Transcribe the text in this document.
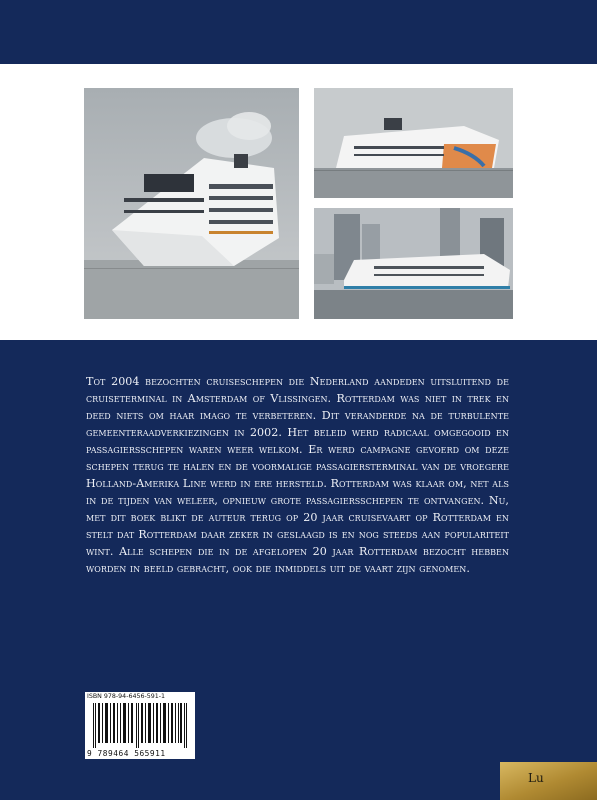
Tot 2004 bezochten cruiseschepen die Nederland aandeden uitsluitend de cruiseterminal in Amsterdam of Vlissingen. Rotterdam was niet in trek en deed niets om haar imago te verbeteren. Dit veranderde na de turbulente gemeenteraadverkiezingen in 2002. Het beleid werd radicaal omgegooid en passagiersschepen waren weer welkom. Er werd campagne gevoerd om deze schepen terug te halen en de voormalige passagiersterminal van de vroegere Holland-Amerika Line werd in ere hersteld. Rotterdam was klaar om, net als in de tijden van weleer, opnieuw grote passagiersschepen te ontvangen. Nu, met dit boek blikt de auteur terug op 20 jaar cruisevaart op Rotterdam en stelt dat Rotterdam daar zeker in geslaagd is en nog steeds aan populariteit wint. Alle schepen die in de afgelopen 20 jaar Rotterdam bezocht hebben worden in beeld gebracht, ook die inmiddels uit de vaart zijn genomen.

ISBN 978-94-6456-591-1
9 789464 565911
Lu
